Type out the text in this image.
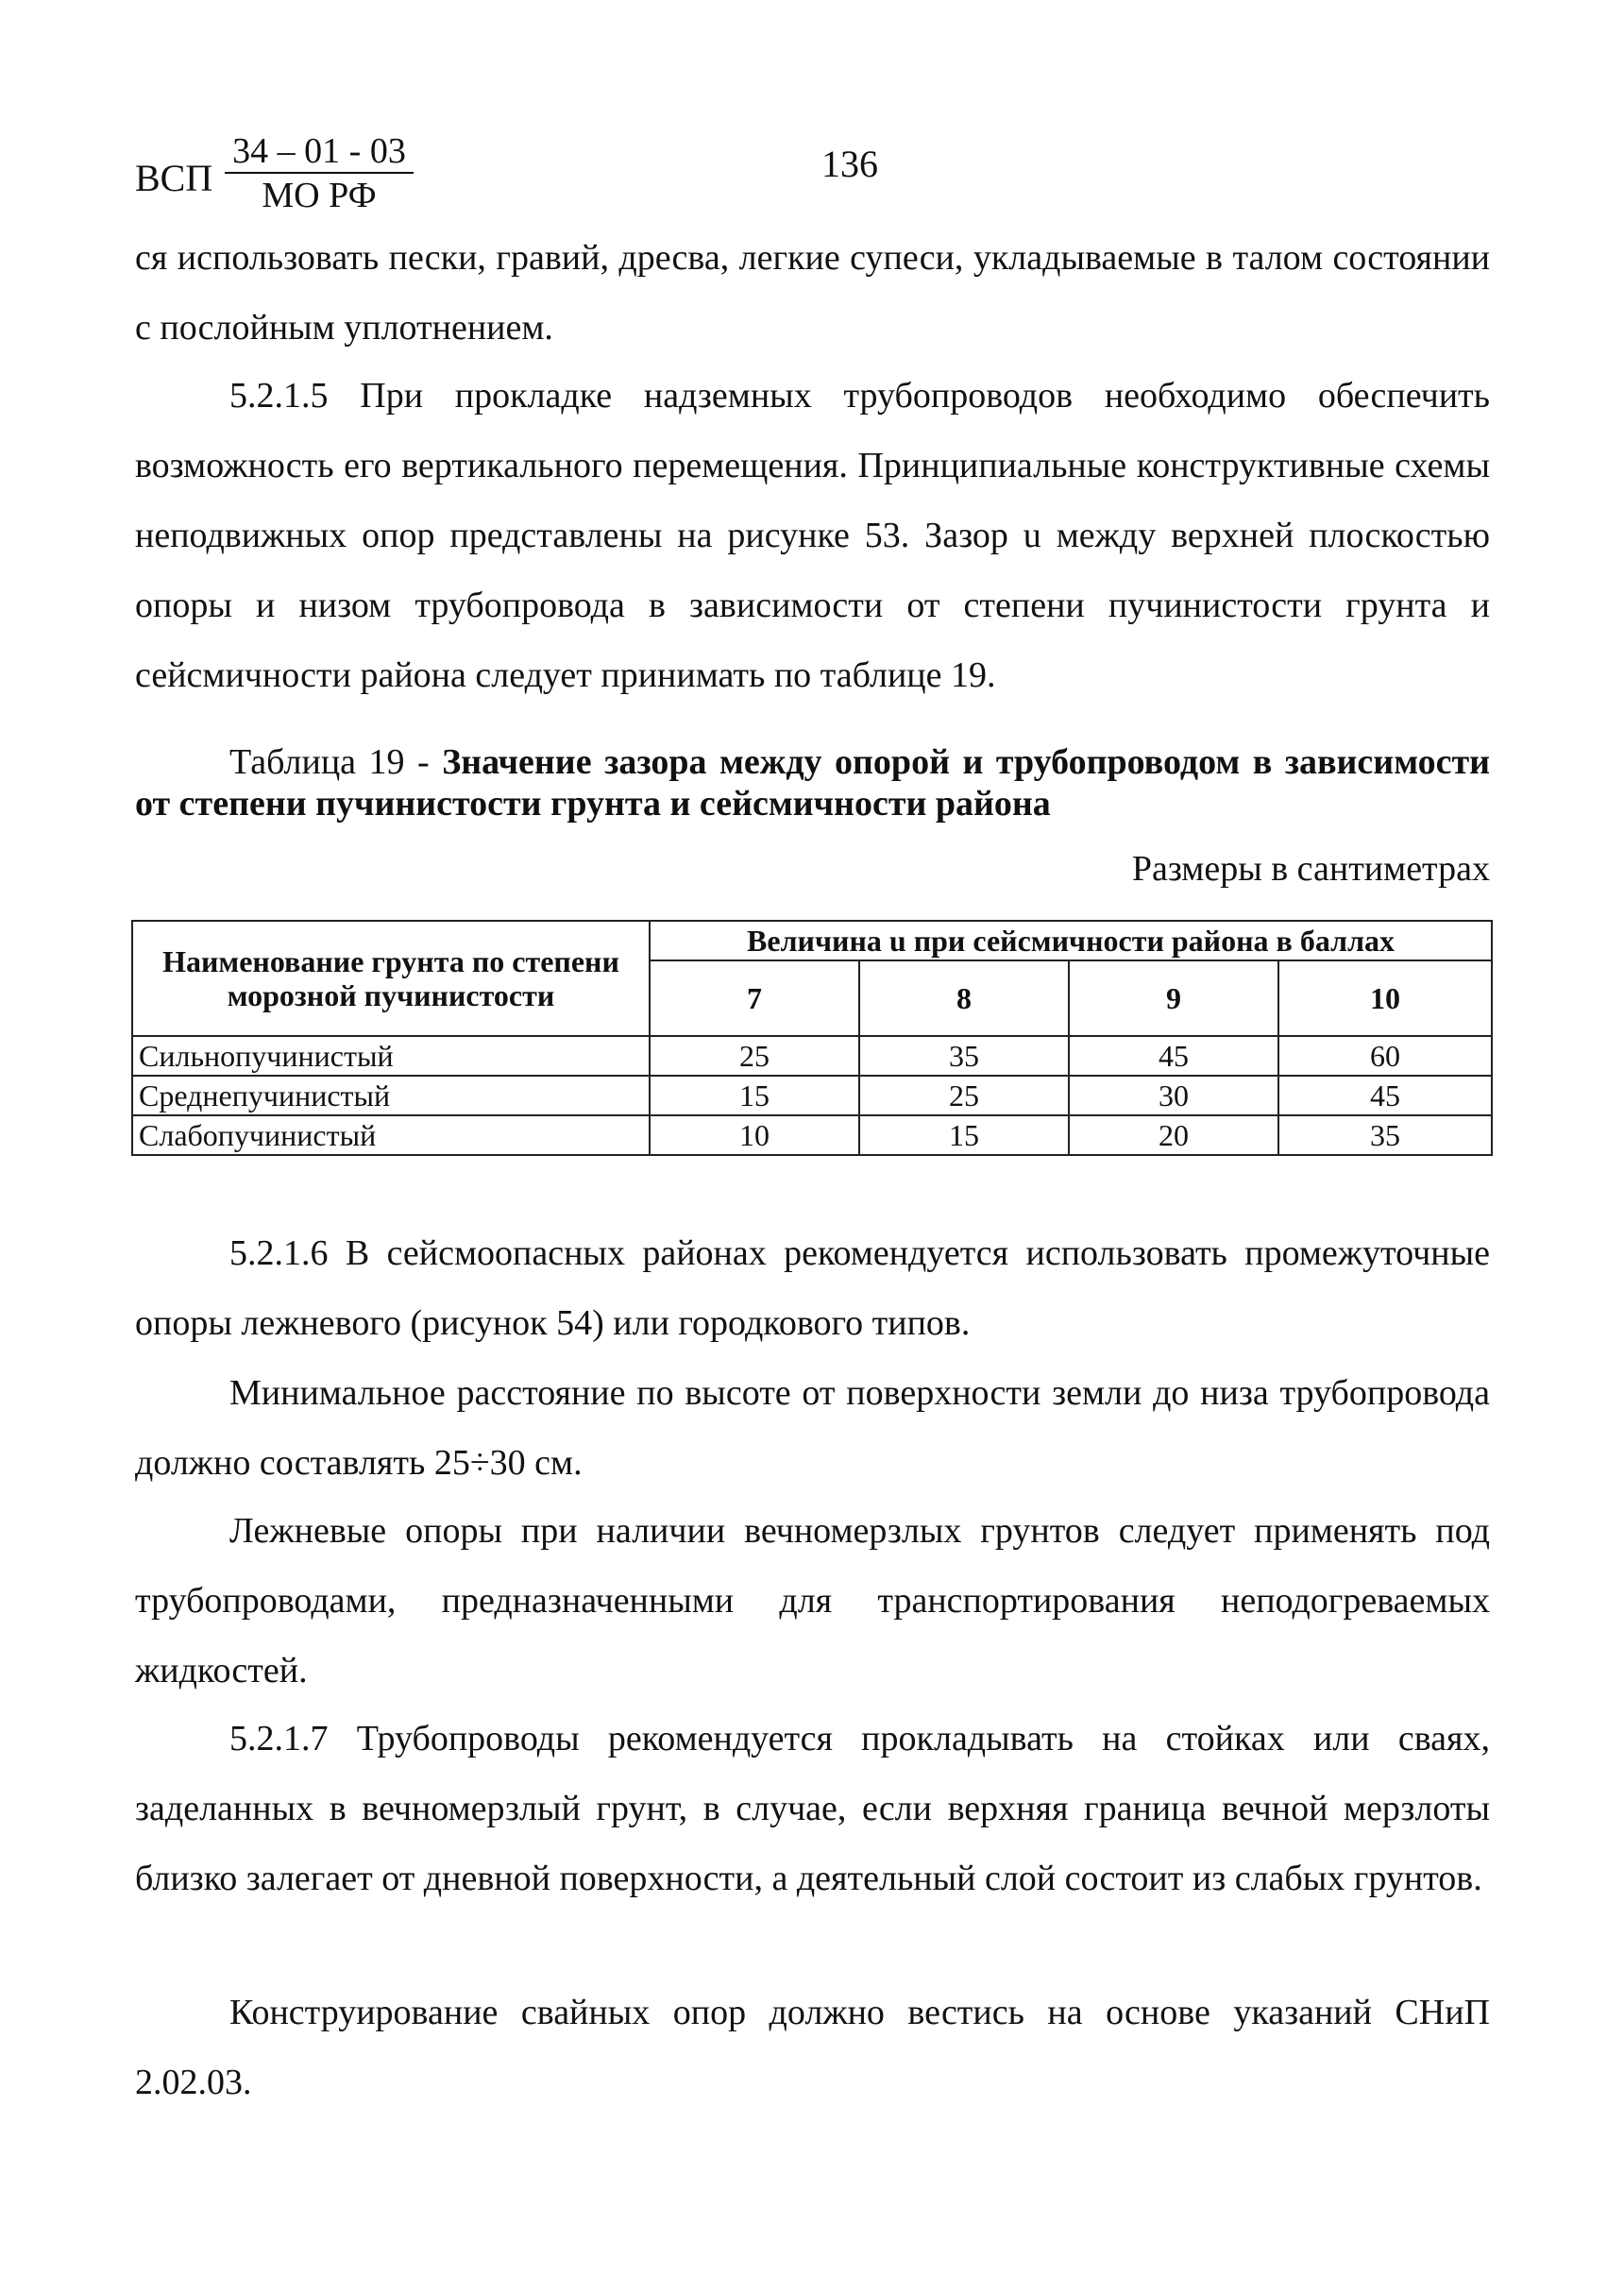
ВСП
34 – 01 - 03
МО РФ
136
ся использовать пески, гравий, дресва, легкие супеси, укладываемые в талом состоянии с послойным уплотнением.
5.2.1.5 При прокладке надземных трубопроводов необходимо обеспечить возможность его вертикального перемещения. Принципиальные конструктивные схемы неподвижных опор представлены на рисунке 53. Зазор u между верхней плоскостью опоры и низом трубопровода в зависимости от степени пучинистости грунта и сейсмичности района следует принимать по таблице 19.
Таблица 19 - Значение зазора между опорой и трубопроводом в зависимости от степени пучинистости грунта и сейсмичности района
Размеры в сантиметрах
Наименование грунта по степени морозной пучинистости	Величина u при сейсмичности района в баллах			
	7	8	9	10
Сильнопучинистый	25	35	45	60
Среднепучинистый	15	25	30	45
Слабопучинистый	10	15	20	35
5.2.1.6 В сейсмоопасных районах рекомендуется использовать промежуточные опоры лежневого (рисунок 54) или городкового типов.
Минимальное расстояние по высоте от поверхности земли до низа трубопровода должно составлять 25÷30 см.
Лежневые опоры при наличии вечномерзлых грунтов следует применять под трубопроводами, предназначенными для транспортирования неподогреваемых жидкостей.
5.2.1.7 Трубопроводы рекомендуется прокладывать на стойках или сваях, заделанных в вечномерзлый грунт, в случае, если верхняя граница вечной мерзлоты близко залегает от дневной поверхности, а деятельный слой состоит из слабых грунтов.
Конструирование свайных опор должно вестись на основе указаний СНиП 2.02.03.
